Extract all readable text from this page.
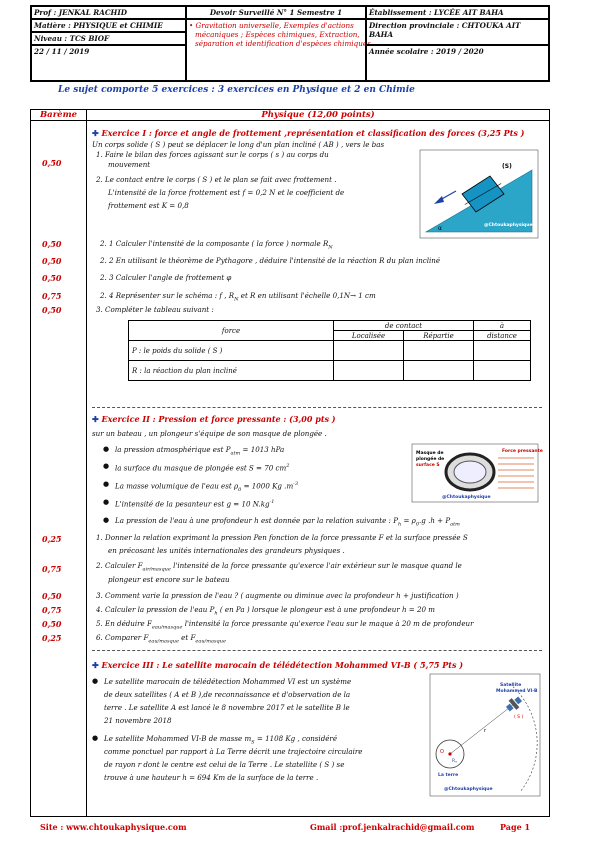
Prof : JENKAL RACHID	Devoir Surveillé N° 1 Semestre 1	Établissement : LYCÉE AIT BAHA
Matière : PHYSIQUE et CHIMIE
Niveau : TCS BIOF
22 / 11 / 2019
• Gravitation universelle, Exemples d'actions
mécaniques ; Espèces chimiques, Extraction,
séparation et identification d'espèces chimiques
Direction provinciale : CHTOUKA AIT
BAHA
Année scolaire : 2019 / 2020
Le sujet comporte 5 exercices : 3 exercices en Physique et 2 en Chimie
Barème	Physique (12,00 points)
✚ Exercice I : force et angle de frottement ,représentation et classification des forces (3,25 Pts )
Un corps solide ( S ) peut se déplacer le long d'un plan incliné ( AB ) , vers le bas
0,50
1. Faire le bilan des forces agissant sur le corps ( s ) au corps du
mouvement
2. Le contact entre le corps ( S ) et le plan se fait avec frottement .
L'intensité de la force frottement est f = 0,2 N et le coefficient de
frottement est K = 0,8
(S)
α	@Chtoukaphysique
0,50	2. 1 Calculer l'intensité de la composante ( la force ) normale $R_N$
0,50	2. 2 En utilisant le théorème de Pythagore , déduire l'intensité de la réaction R du plan incliné
0,50	2. 3 Calculer l'angle de frottement φ
0,75	2. 4 Représenter sur le schéma : f , $R_N$ et R en utilisant l'échelle 0,1N→ 1 cm
0,50	3. Compléter le tableau suivant :
force	de contact		à
	Localisée	Répartie	distance
P : le poids du solide ( S )			
R : la réaction du plan incliné			
✚ Exercice II : Pression et force pressante : (3,00 pts )
sur un bateau , un plongeur s'équipe de son masque de plongée .
● la pression atmosphérique est $P_{atm} = 1013$ hPa
● la surface du masque de plongée est S = 70 $cm^2$
● La masse volumique de l'eau est $\rho_0 = 1000$ Kg $.m^{-3}$
● L'intensité de la pesanteur est g = 10 $N.kg^{-1}$
● La pression de l'eau à une profondeur h est donnée par la relation suivante : $P_h = \rho_0.g$ $.h + P_{atm}$
Masque de
plongée de
surface S
Force pressante
@Chtoukaphysique
0,25	1. Donner la relation exprimant la pression Pen fonction de la force pressante F et la surface pressée S
en précosant les unités internationales des grandeurs physiques .
0,75	2. Calculer $F_{air/masque}$ l'intensité de la force pressante qu'exerce l'air extérieur sur le masque quand le
plongeur est encore sur le bateau
0,50	3. Comment varie la pression de l'eau ? ( augmente ou diminue avec la profondeur h + justification )
0,75	4. Calculer la pression de l'eau $P_h$ ( en Pa ) lorsque le plongeur est à une profondeur h = 20 m
0,50	5. En déduire $F_{eau/masque}$ l'intensité la force pressante qu'exerce l'eau sur le maque à 20 m de profondeur
0,25	6. Comparer $F_{eau/masque}$ et $F_{eau/masque}$
✚ Exercice III : Le satellite marocain de télédétection Mohammed VI-B ( 5,75 Pts )
● Le satellite marocain de télédétection Mohammed VI est un système
de deux satellites ( A et B ),de reconnaissance et d'observation de la
terre . Le satellite A est lancé le 8 novembre 2017 et le satellite B le
21 novembre 2018
● Le satellite Mohammed VI-B de masse $m_S = 1108$ Kg , considéré
comme ponctuel par rapport à La Terre décrit une trajectoire circulaire
de rayon r dont le centre est celui de la Terre . Le statellite ( S ) se
trouve à une hauteur h = 694 Km de la surface de la terre .
Satellite
Mohammed VI-B
( S )
O
$R_T$
r
La terre
@Chtoukaphysique
Site : www.chtoukaphysique.com	Gmail :prof.jenkalrachid@gmail.com	Page 1
